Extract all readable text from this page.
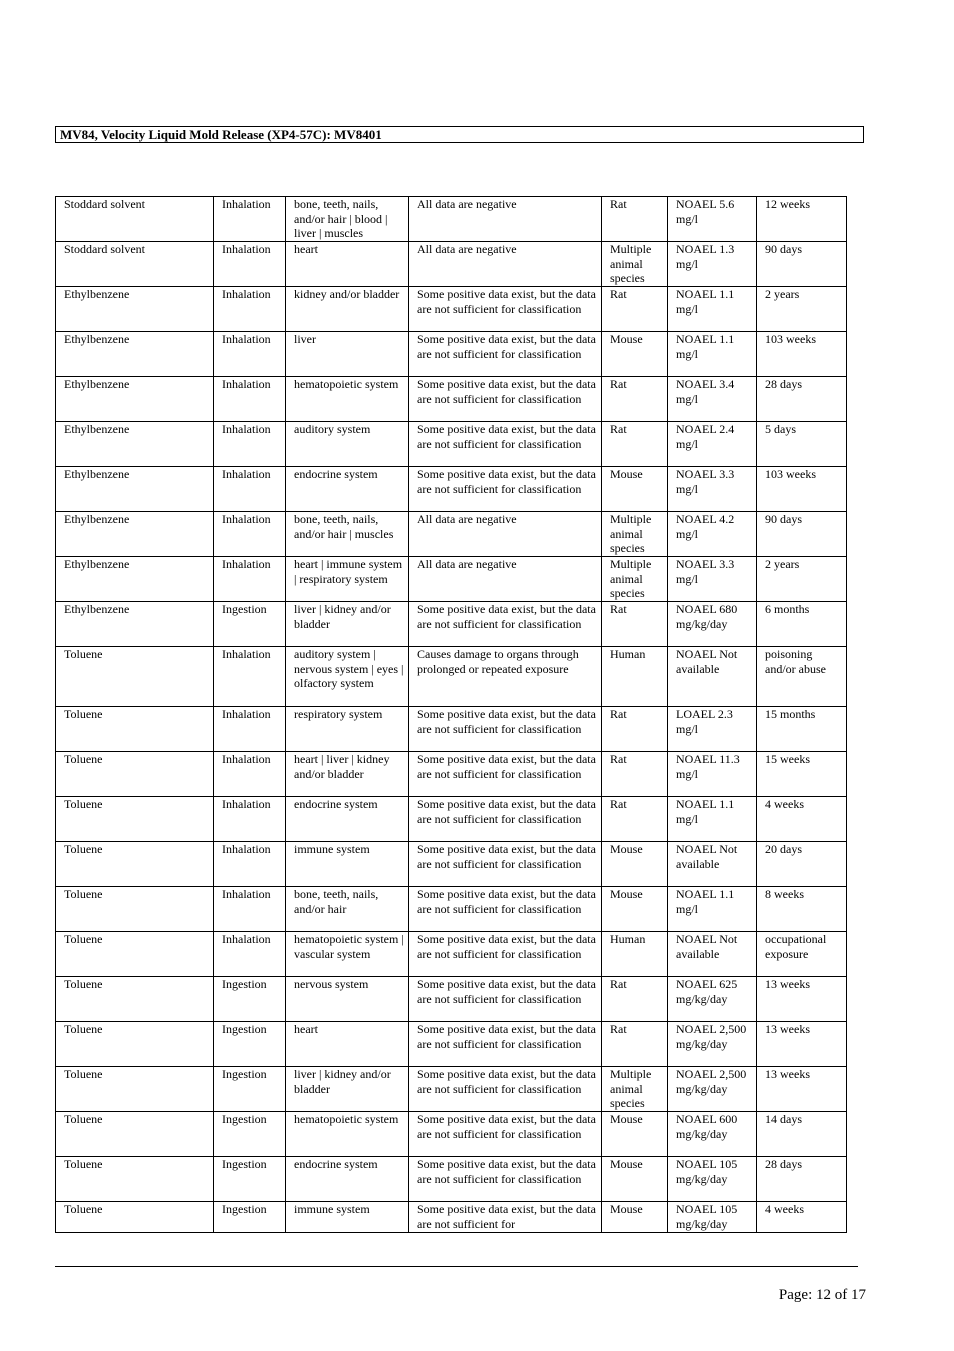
MV84, Velocity Liquid Mold Release (XP4-57C): MV8401
Stoddard solvent	Inhalation	bone, teeth, nails, and/or hair | blood | liver | muscles	All data are negative	Rat	NOAEL 5.6 mg/l	12 weeks
Stoddard solvent	Inhalation	heart	All data are negative	Multiple animal species	NOAEL 1.3 mg/l	90 days
Ethylbenzene	Inhalation	kidney and/or bladder	Some positive data exist, but the data are not sufficient for classification	Rat	NOAEL 1.1 mg/l	2 years
Ethylbenzene	Inhalation	liver	Some positive data exist, but the data are not sufficient for classification	Mouse	NOAEL 1.1 mg/l	103 weeks
Ethylbenzene	Inhalation	hematopoietic system	Some positive data exist, but the data are not sufficient for classification	Rat	NOAEL 3.4 mg/l	28 days
Ethylbenzene	Inhalation	auditory system	Some positive data exist, but the data are not sufficient for classification	Rat	NOAEL 2.4 mg/l	5 days
Ethylbenzene	Inhalation	endocrine system	Some positive data exist, but the data are not sufficient for classification	Mouse	NOAEL 3.3 mg/l	103 weeks
Ethylbenzene	Inhalation	bone, teeth, nails, and/or hair | muscles	All data are negative	Multiple animal species	NOAEL 4.2 mg/l	90 days
Ethylbenzene	Inhalation	heart | immune system | respiratory system	All data are negative	Multiple animal species	NOAEL 3.3 mg/l	2 years
Ethylbenzene	Ingestion	liver | kidney and/or bladder	Some positive data exist, but the data are not sufficient for classification	Rat	NOAEL 680 mg/kg/day	6 months
Toluene	Inhalation	auditory system | nervous system | eyes | olfactory system	Causes damage to organs through prolonged or repeated exposure	Human	NOAEL Not available	poisoning and/or abuse
Toluene	Inhalation	respiratory system	Some positive data exist, but the data are not sufficient for classification	Rat	LOAEL 2.3 mg/l	15 months
Toluene	Inhalation	heart | liver | kidney and/or bladder	Some positive data exist, but the data are not sufficient for classification	Rat	NOAEL 11.3 mg/l	15 weeks
Toluene	Inhalation	endocrine system	Some positive data exist, but the data are not sufficient for classification	Rat	NOAEL 1.1 mg/l	4 weeks
Toluene	Inhalation	immune system	Some positive data exist, but the data are not sufficient for classification	Mouse	NOAEL Not available	20 days
Toluene	Inhalation	bone, teeth, nails, and/or hair	Some positive data exist, but the data are not sufficient for classification	Mouse	NOAEL 1.1 mg/l	8 weeks
Toluene	Inhalation	hematopoietic system | vascular system	Some positive data exist, but the data are not sufficient for classification	Human	NOAEL Not available	occupational exposure
Toluene	Ingestion	nervous system	Some positive data exist, but the data are not sufficient for classification	Rat	NOAEL 625 mg/kg/day	13 weeks
Toluene	Ingestion	heart	Some positive data exist, but the data are not sufficient for classification	Rat	NOAEL 2,500 mg/kg/day	13 weeks
Toluene	Ingestion	liver | kidney and/or bladder	Some positive data exist, but the data are not sufficient for classification	Multiple animal species	NOAEL 2,500 mg/kg/day	13 weeks
Toluene	Ingestion	hematopoietic system	Some positive data exist, but the data are not sufficient for classification	Mouse	NOAEL 600 mg/kg/day	14 days
Toluene	Ingestion	endocrine system	Some positive data exist, but the data are not sufficient for classification	Mouse	NOAEL 105 mg/kg/day	28 days
Toluene	Ingestion	immune system	Some positive data exist, but the data are not sufficient for	Mouse	NOAEL 105 mg/kg/day	4 weeks
Page: 12 of 17
